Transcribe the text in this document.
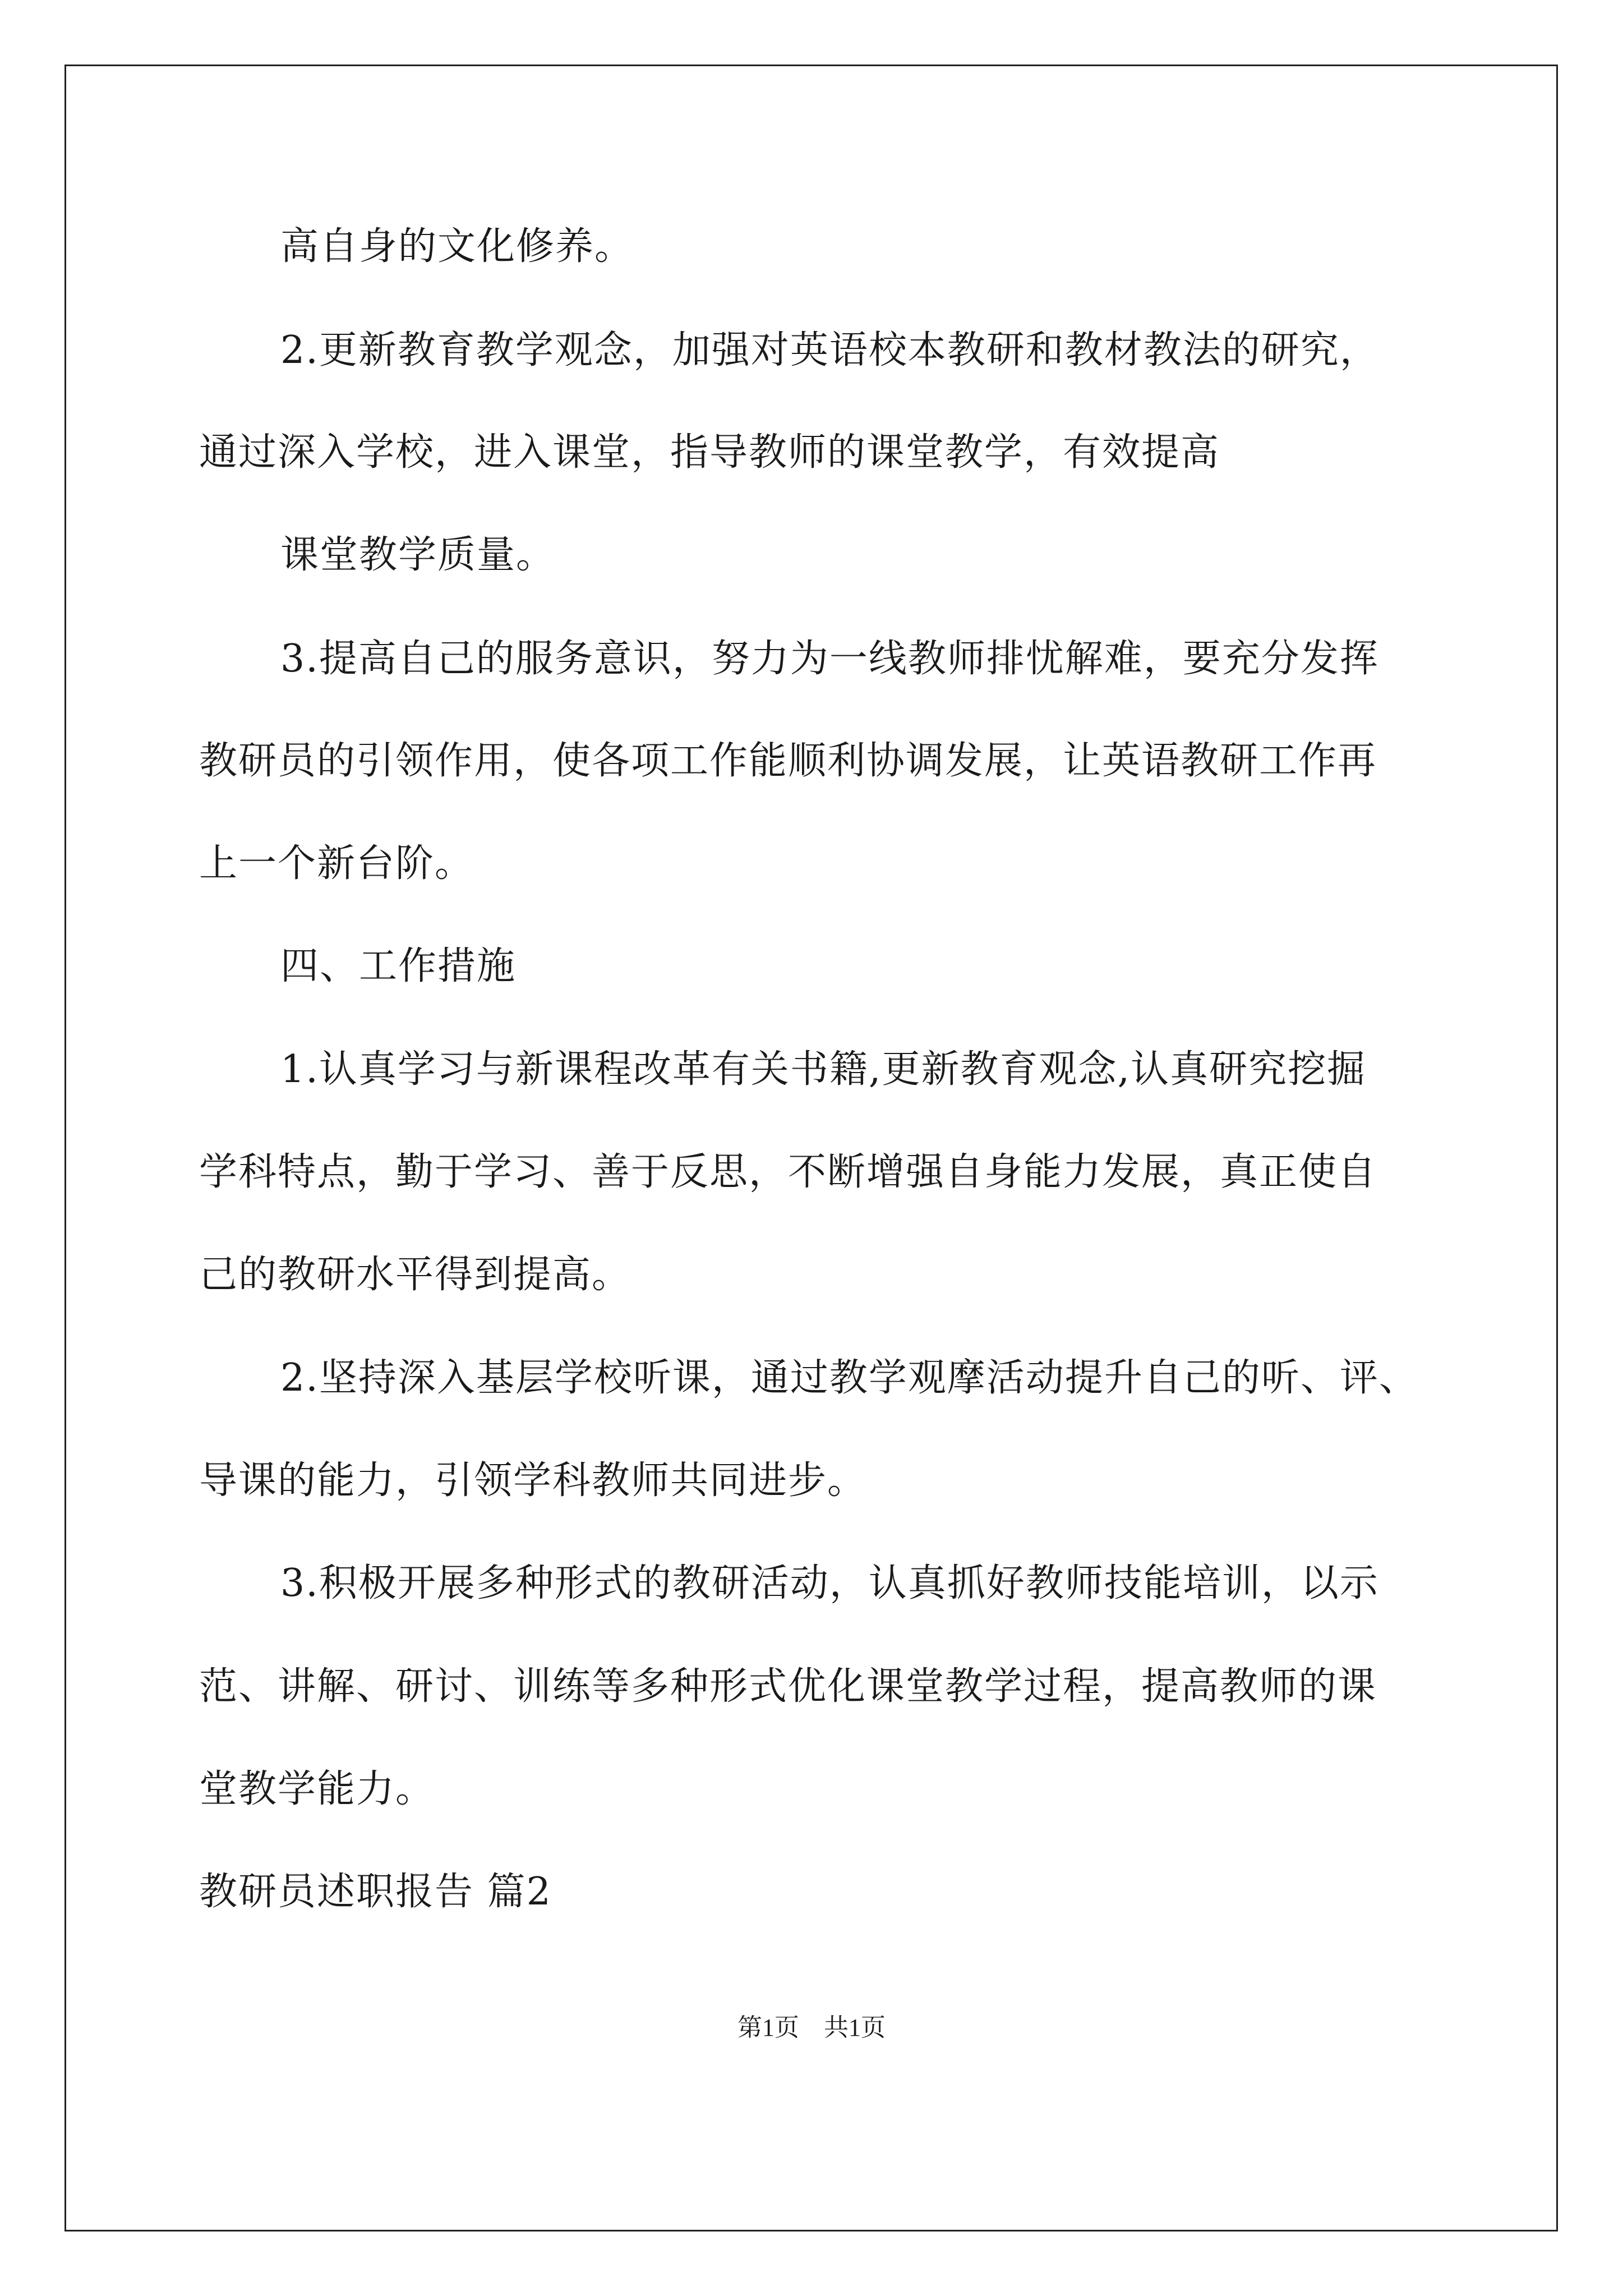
高自身的文化修养。
2.更新教育教学观念，加强对英语校本教研和教材教法的研究，
通过深入学校，进入课堂，指导教师的课堂教学，有效提高
课堂教学质量。
3.提高自己的服务意识，努力为一线教师排忧解难，要充分发挥
教研员的引领作用，使各项工作能顺利协调发展，让英语教研工作再
上一个新台阶。
四、工作措施
1.认真学习与新课程改革有关书籍,更新教育观念,认真研究挖掘
学科特点，勤于学习、善于反思，不断增强自身能力发展，真正使自
己的教研水平得到提高。
2.坚持深入基层学校听课，通过教学观摩活动提升自己的听、评、
导课的能力，引领学科教师共同进步。
3.积极开展多种形式的教研活动，认真抓好教师技能培训，以示
范、讲解、研讨、训练等多种形式优化课堂教学过程，提高教师的课
堂教学能力。
教研员述职报告 篇2
第1页　共1页
